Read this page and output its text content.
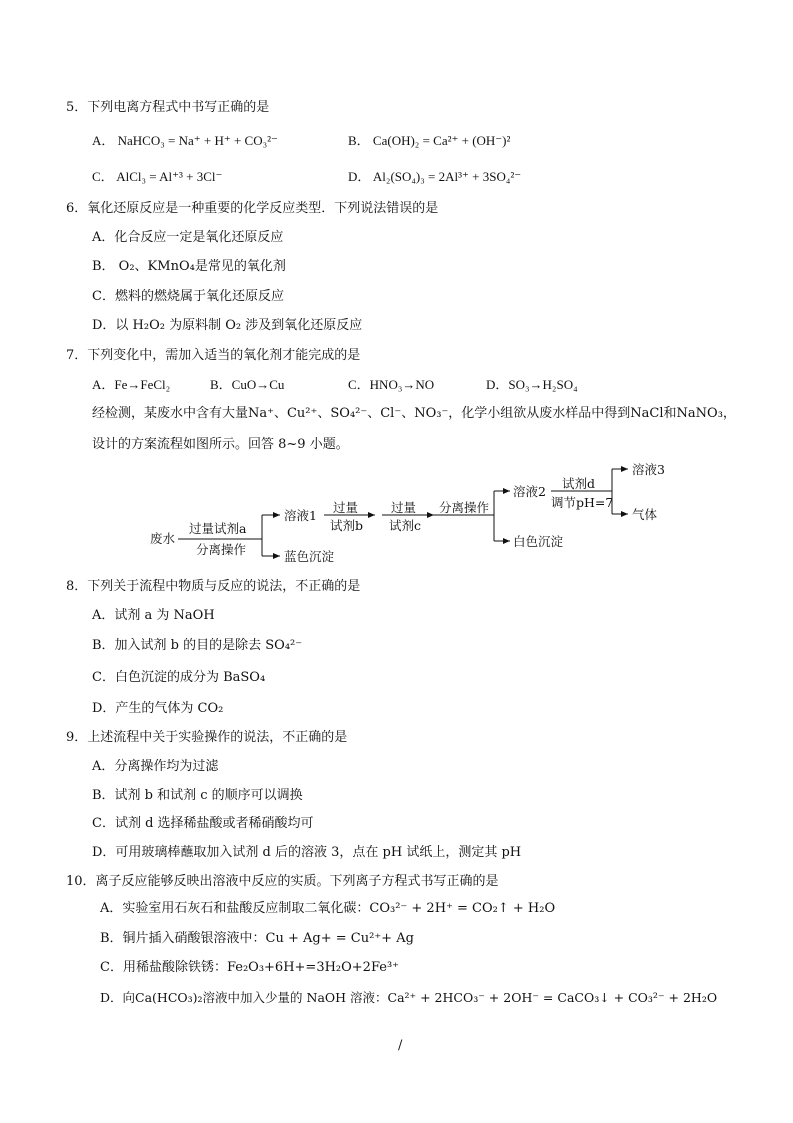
5．下列电离方程式中书写正确的是
A． NaHCO₃ = Na⁺ + H⁺ + CO₃²⁻	B． Ca(OH)₂ = Ca²⁺ + (OH⁻)²
C． AlCl₃ = Al⁺³ + 3Cl⁻	D． Al₂(SO₄)₃ = 2Al³⁺ + 3SO₄²⁻
6．氧化还原反应是一种重要的化学反应类型．下列说法错误的是
A．化合反应一定是氧化还原反应
B． O₂、KMnO₄是常见的氧化剂
C．燃料的燃烧属于氧化还原反应
D．以 H₂O₂ 为原料制 O₂ 涉及到氧化还原反应
7．下列变化中，需加入适当的氧化剂才能完成的是
A．Fe→FeCl₂	B．CuO→Cu	C．HNO₃→NO	D．SO₃→H₂SO₄
经检测，某废水中含有大量Na⁺、Cu²⁺、SO₄²⁻、Cl⁻、NO₃⁻，化学小组欲从废水样品中得到NaCl和NaNO₃，
设计的方案流程如图所示。回答 8~9 小题。
废水
过量试剂a
分离操作
溶液1
蓝色沉淀
过量
试剂b
过量
试剂c
分离操作
溶液2
白色沉淀
试剂d
调节pH=7
溶液3
气体
8．下列关于流程中物质与反应的说法，不正确的是
A．试剂 a 为 NaOH
B．加入试剂 b 的目的是除去 SO₄²⁻
C．白色沉淀的成分为 BaSO₄
D．产生的气体为 CO₂
9．上述流程中关于实验操作的说法，不正确的是
A．分离操作均为过滤
B．试剂 b 和试剂 c 的顺序可以调换
C．试剂 d 选择稀盐酸或者稀硝酸均可
D．可用玻璃棒蘸取加入试剂 d 后的溶液 3，点在 pH 试纸上，测定其 pH
10．离子反应能够反映出溶液中反应的实质。下列离子方程式书写正确的是
A．实验室用石灰石和盐酸反应制取二氧化碳：CO₃²⁻ + 2H⁺ = CO₂↑ + H₂O
B．铜片插入硝酸银溶液中：Cu + Ag+ = Cu²⁺+ Ag
C．用稀盐酸除铁锈：Fe₂O₃+6H+=3H₂O+2Fe³⁺
D．向Ca(HCO₃)₂溶液中加入少量的 NaOH 溶液：Ca²⁺ + 2HCO₃⁻ + 2OH⁻ = CaCO₃↓ + CO₃²⁻ + 2H₂O
/
